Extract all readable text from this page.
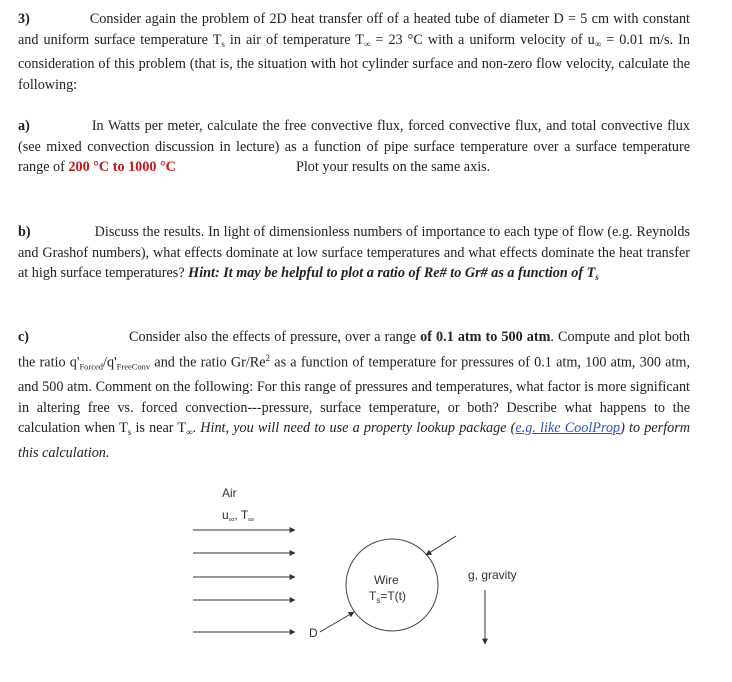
3)	Consider again the problem of 2D heat transfer off of a heated tube of diameter D = 5 cm with constant and uniform surface temperature $T_s$ in air of temperature $T_\infty = 23$ °C with a uniform velocity of $u_\infty = 0.01$ m/s. In consideration of this problem (that is, the situation with hot cylinder surface and non-zero flow velocity, calculate the following:
a)	In Watts per meter, calculate the free convective flux, forced convective flux, and total convective flux (see mixed convection discussion in lecture) as a function of pipe surface temperature over a surface temperature range of 200 °C to 1000 °C	Plot your results on the same axis.
b)	Discuss the results. In light of dimensionless numbers of importance to each type of flow (e.g. Reynolds and Grashof numbers), what effects dominate at low surface temperatures and what effects dominate the heat transfer at high surface temperatures? Hint: It may be helpful to plot a ratio of Re# to Gr# as a function of $T_s$
c)	Consider also the effects of pressure, over a range of 0.1 atm to 500 atm. Compute and plot both the ratio $q'_{Forced}/q'_{FreeConv}$ and the ratio Gr/Re$^2$ as a function of temperature for pressures of 0.1 atm, 100 atm, 300 atm, and 500 atm. Comment on the following: For this range of pressures and temperatures, what factor is more significant in altering free vs. forced convection---pressure, surface temperature, or both? Describe what happens to the calculation when $T_s$ is near $T_\infty$. Hint, you will need to use a property lookup package (e.g. like CoolProp) to perform this calculation.
Air
$u_\infty$, $T_\infty$
Wire
$T_s=T(t)$
D
g, gravity
